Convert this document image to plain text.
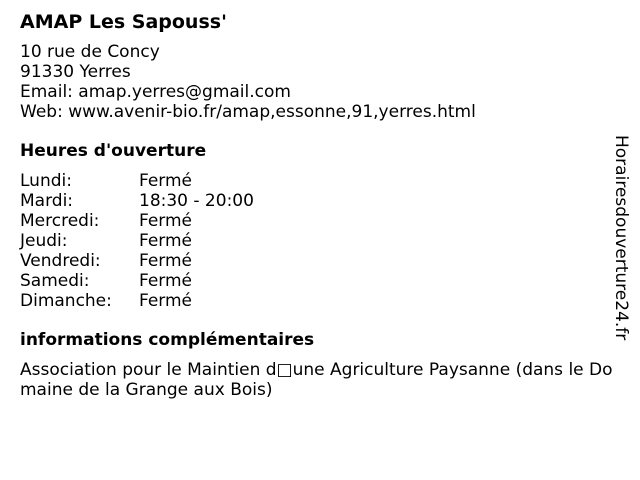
AMAP Les Sapouss'
10 rue de Concy
91330 Yerres
Email: amap.yerres@gmail.com
Web: www.avenir-bio.fr/amap,essonne,91,yerres.html
Heures d'ouverture
Lundi:	Fermé
Mardi:	18:30 - 20:00
Mercredi:	Fermé
Jeudi:	Fermé
Vendredi:	Fermé
Samedi:	Fermé
Dimanche:	Fermé
informations complémentaires
Association pour le Maintien d□une Agriculture Paysanne (dans le Domaine de la Grange aux Bois)
Horairesdouverture24.fr
